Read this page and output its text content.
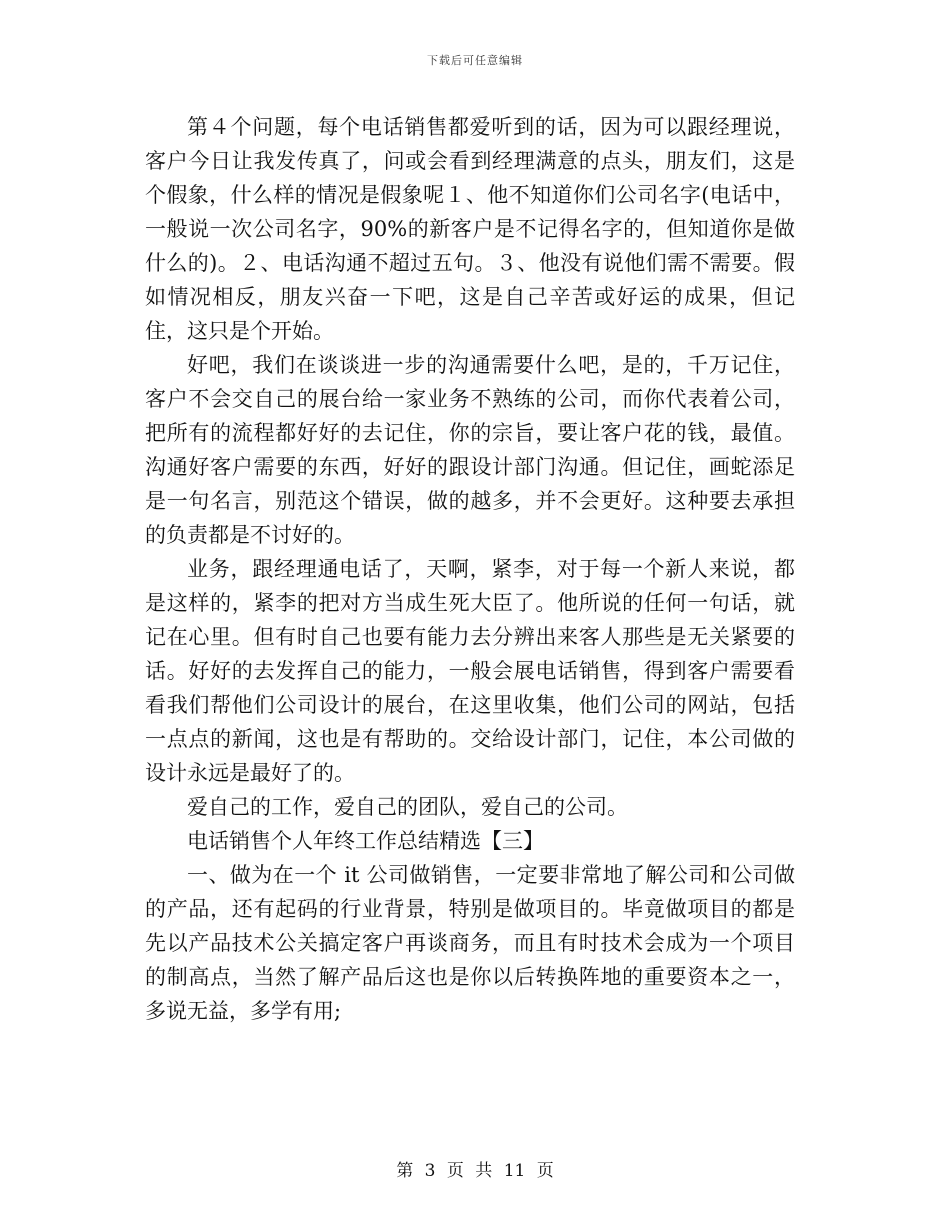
下载后可任意编辑

第４个问题，每个电话销售都爱听到的话，因为可以跟经理说，客户今日让我发传真了，问或会看到经理满意的点头，朋友们，这是个假象，什么样的情况是假象呢１、他不知道你们公司名字(电话中，一般说一次公司名字，90%的新客户是不记得名字的，但知道你是做什么的)。２、电话沟通不超过五句。３、他没有说他们需不需要。假如情况相反，朋友兴奋一下吧，这是自己辛苦或好运的成果，但记住，这只是个开始。

好吧，我们在谈谈进一步的沟通需要什么吧，是的，千万记住，客户不会交自己的展台给一家业务不熟练的公司，而你代表着公司，把所有的流程都好好的去记住，你的宗旨，要让客户花的钱，最值。沟通好客户需要的东西，好好的跟设计部门沟通。但记住，画蛇添足是一句名言，别范这个错误，做的越多，并不会更好。这种要去承担的负责都是不讨好的。

业务，跟经理通电话了，天啊，紧李，对于每一个新人来说，都是这样的，紧李的把对方当成生死大臣了。他所说的任何一句话，就记在心里。但有时自己也要有能力去分辨出来客人那些是无关紧要的话。好好的去发挥自己的能力，一般会展电话销售，得到客户需要看看我们帮他们公司设计的展台，在这里收集，他们公司的网站，包括一点点的新闻，这也是有帮助的。交给设计部门，记住，本公司做的设计永远是最好了的。

爱自己的工作，爱自己的团队，爱自己的公司。

电话销售个人年终工作总结精选【三】

一、做为在一个 it 公司做销售，一定要非常地了解公司和公司做的产品，还有起码的行业背景，特别是做项目的。毕竟做项目的都是先以产品技术公关搞定客户再谈商务，而且有时技术会成为一个项目的制高点，当然了解产品后这也是你以后转换阵地的重要资本之一，多说无益，多学有用;

第 3 页 共 11 页
